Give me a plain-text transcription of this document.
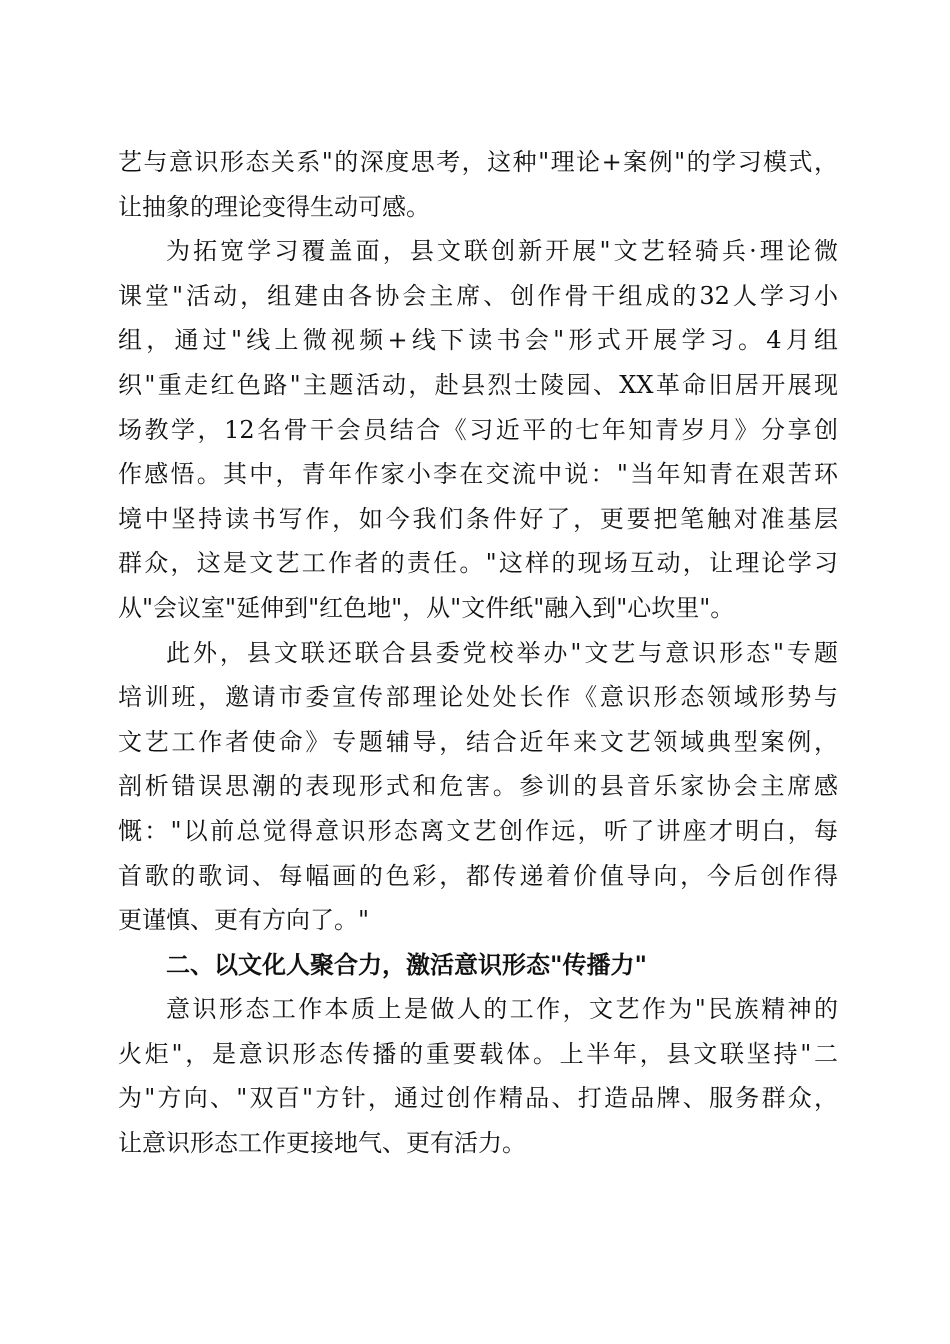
艺与意识形态关系"的深度思考，这种"理论+案例"的学习模式，
让抽象的理论变得生动可感。
为拓宽学习覆盖面，县文联创新开展"文艺轻骑兵·理论微
课堂"活动，组建由各协会主席、创作骨干组成的32人学习小
组，通过"线上微视频+线下读书会"形式开展学习。4月组
织"重走红色路"主题活动，赴县烈士陵园、XX革命旧居开展现
场教学，12名骨干会员结合《习近平的七年知青岁月》分享创
作感悟。其中，青年作家小李在交流中说："当年知青在艰苦环
境中坚持读书写作，如今我们条件好了，更要把笔触对准基层
群众，这是文艺工作者的责任。"这样的现场互动，让理论学习
从"会议室"延伸到"红色地"，从"文件纸"融入到"心坎里"。
此外，县文联还联合县委党校举办"文艺与意识形态"专题
培训班，邀请市委宣传部理论处处长作《意识形态领域形势与
文艺工作者使命》专题辅导，结合近年来文艺领域典型案例，
剖析错误思潮的表现形式和危害。参训的县音乐家协会主席感
慨："以前总觉得意识形态离文艺创作远，听了讲座才明白，每
首歌的歌词、每幅画的色彩，都传递着价值导向，今后创作得
更谨慎、更有方向了。"
二、以文化人聚合力，激活意识形态"传播力"
意识形态工作本质上是做人的工作，文艺作为"民族精神的
火炬"，是意识形态传播的重要载体。上半年，县文联坚持"二
为"方向、"双百"方针，通过创作精品、打造品牌、服务群众，
让意识形态工作更接地气、更有活力。
